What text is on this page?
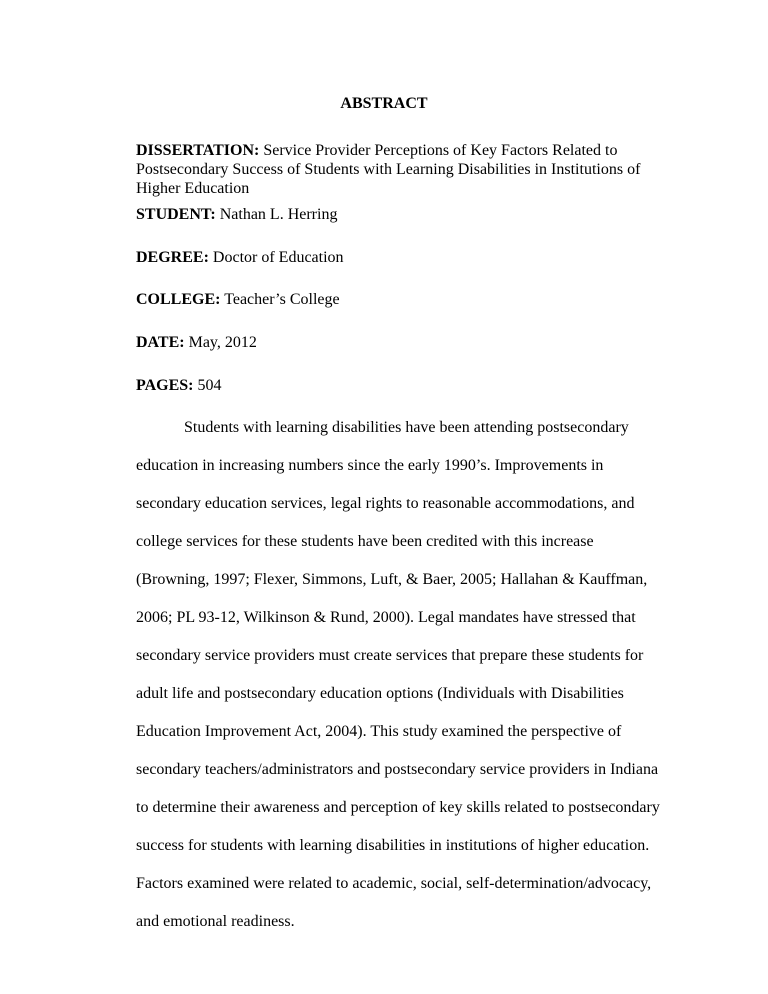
ABSTRACT
DISSERTATION: Service Provider Perceptions of Key Factors Related to Postsecondary Success of Students with Learning Disabilities in Institutions of Higher Education
STUDENT: Nathan L. Herring
DEGREE: Doctor of Education
COLLEGE: Teacher’s College
DATE: May, 2012
PAGES: 504

Students with learning disabilities have been attending postsecondary education in increasing numbers since the early 1990’s. Improvements in secondary education services, legal rights to reasonable accommodations, and college services for these students have been credited with this increase (Browning, 1997; Flexer, Simmons, Luft, & Baer, 2005; Hallahan & Kauffman, 2006; PL 93-12, Wilkinson & Rund, 2000). Legal mandates have stressed that secondary service providers must create services that prepare these students for adult life and postsecondary education options (Individuals with Disabilities Education Improvement Act, 2004). This study examined the perspective of secondary teachers/administrators and postsecondary service providers in Indiana to determine their awareness and perception of key skills related to postsecondary success for students with learning disabilities in institutions of higher education. Factors examined were related to academic, social, self-determination/advocacy, and emotional readiness.
